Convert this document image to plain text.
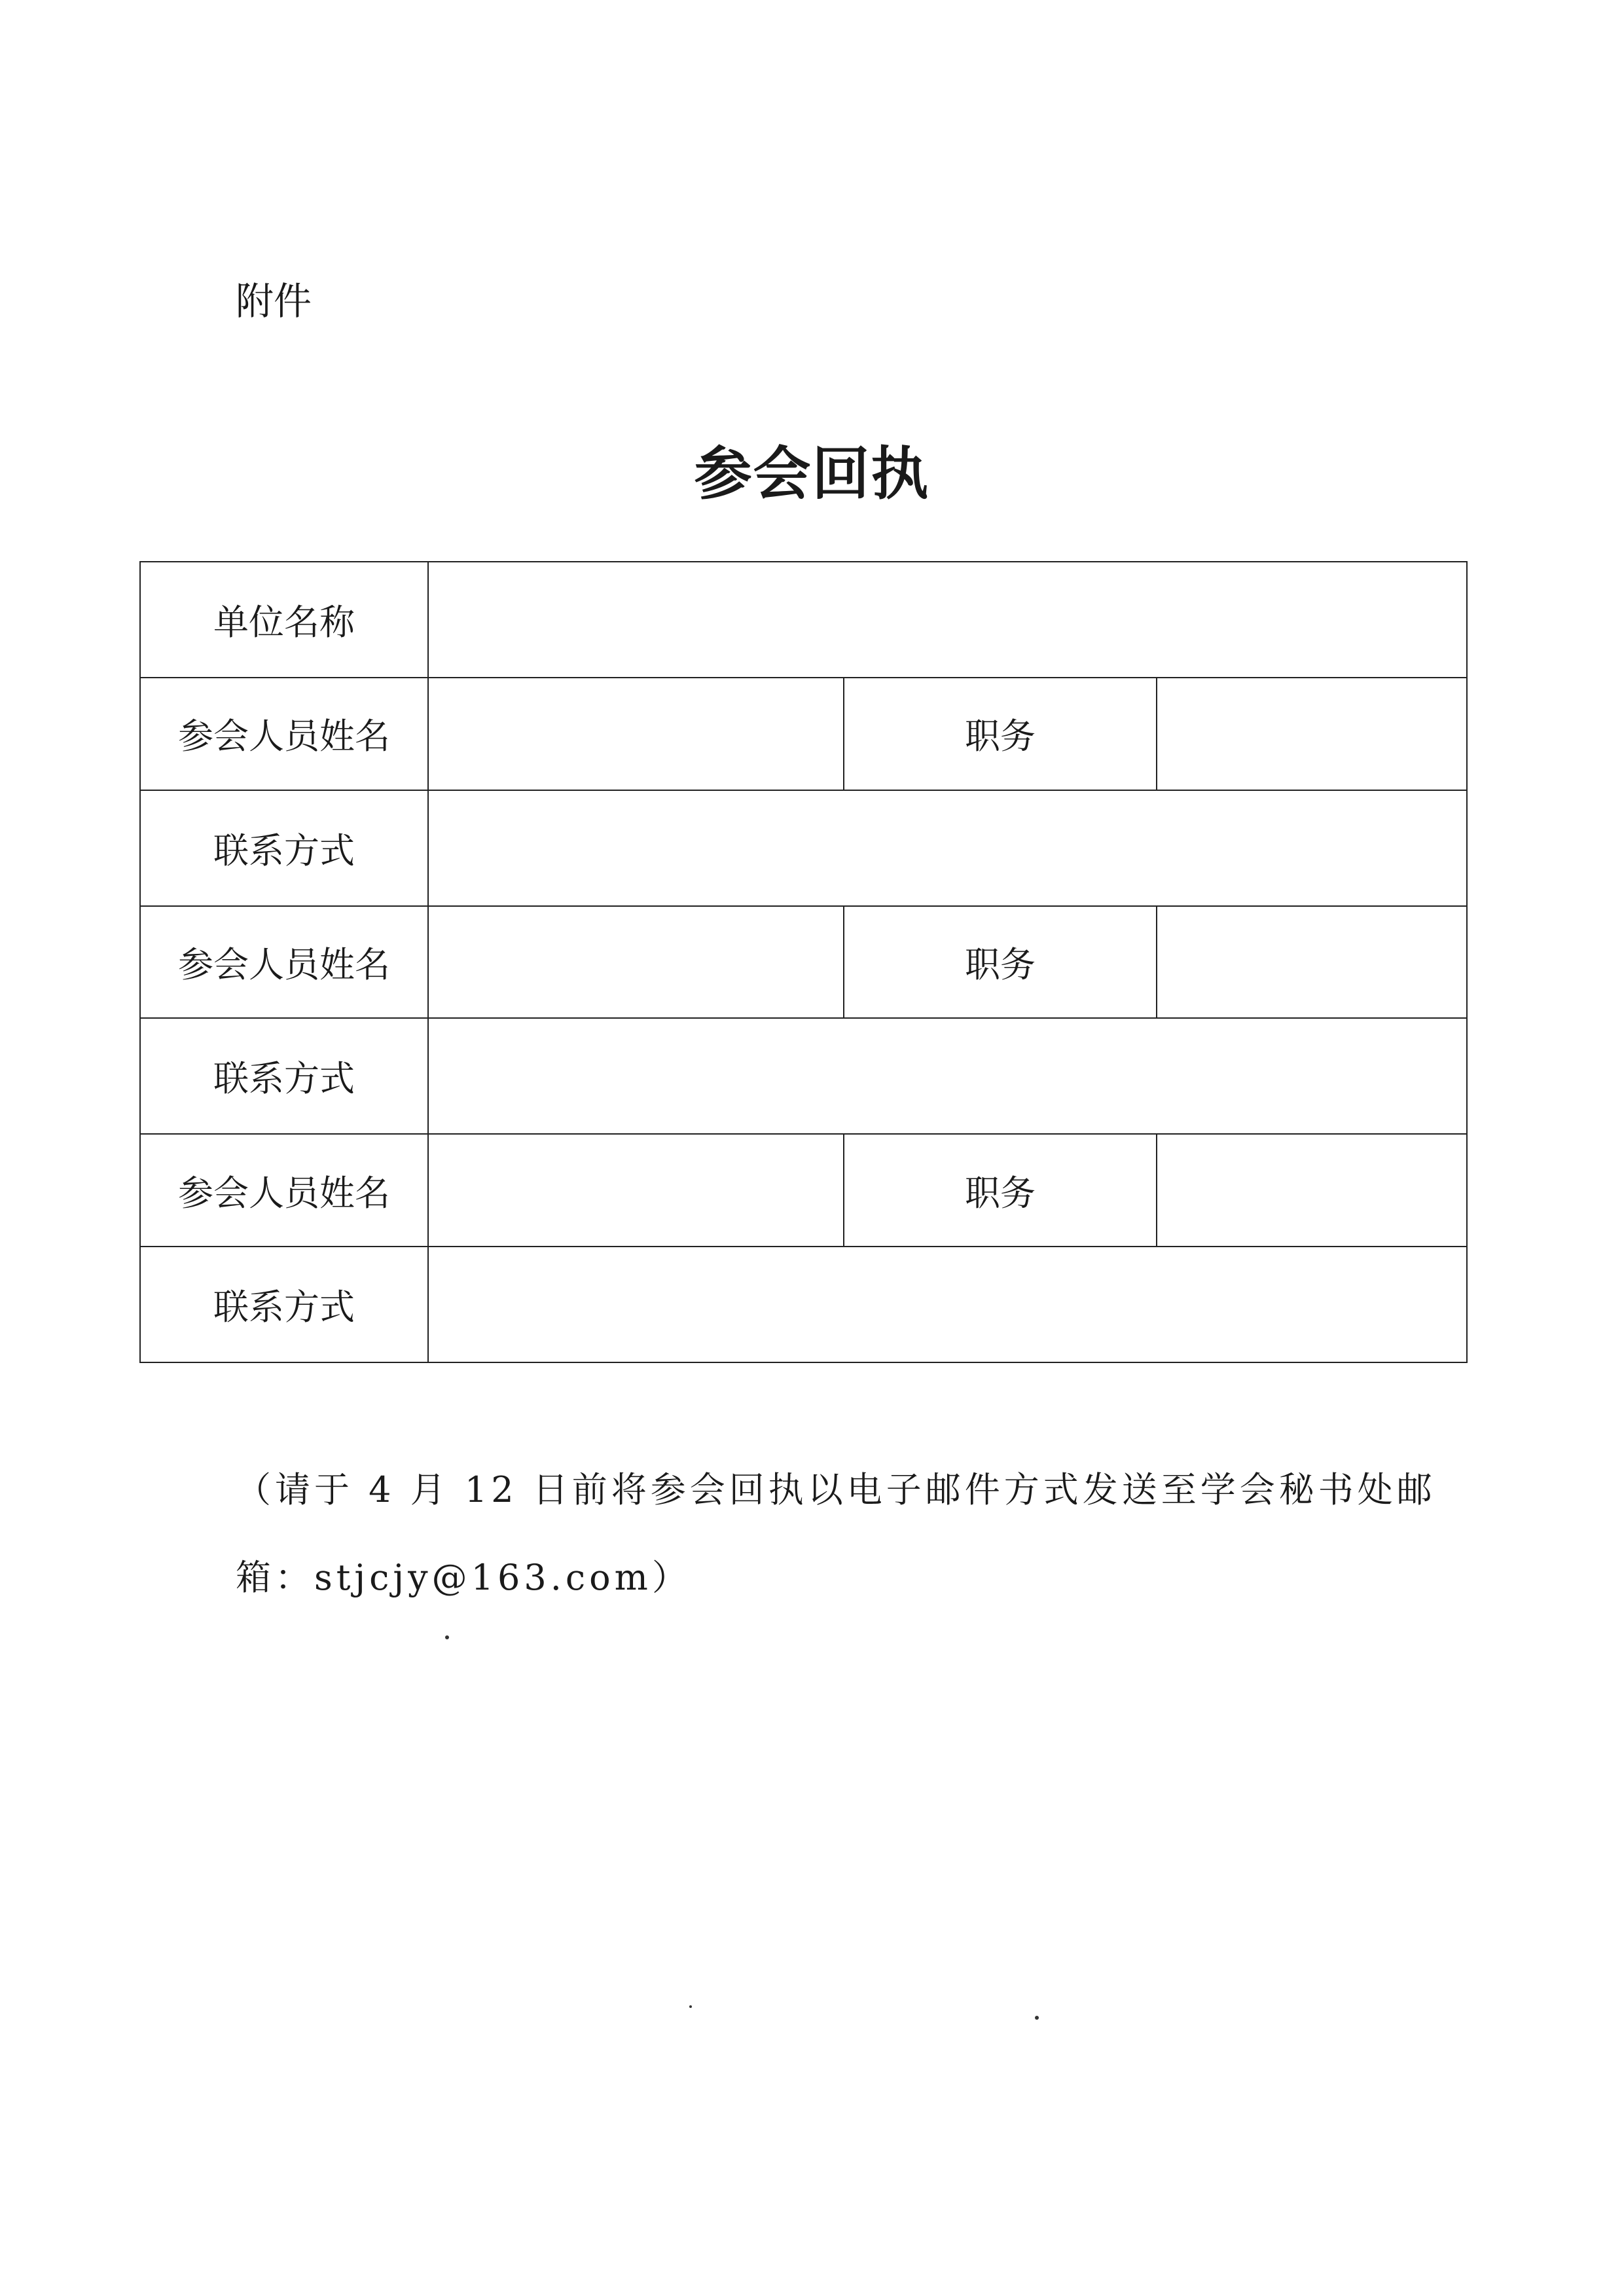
附件
参会回执
单位名称			
参会人员姓名		职务	
联系方式			
参会人员姓名		职务	
联系方式			
参会人员姓名		职务	
联系方式			
（请于 4 月 12 日前将参会回执以电子邮件方式发送至学会秘书处邮
箱：stjcjy@163.com）
